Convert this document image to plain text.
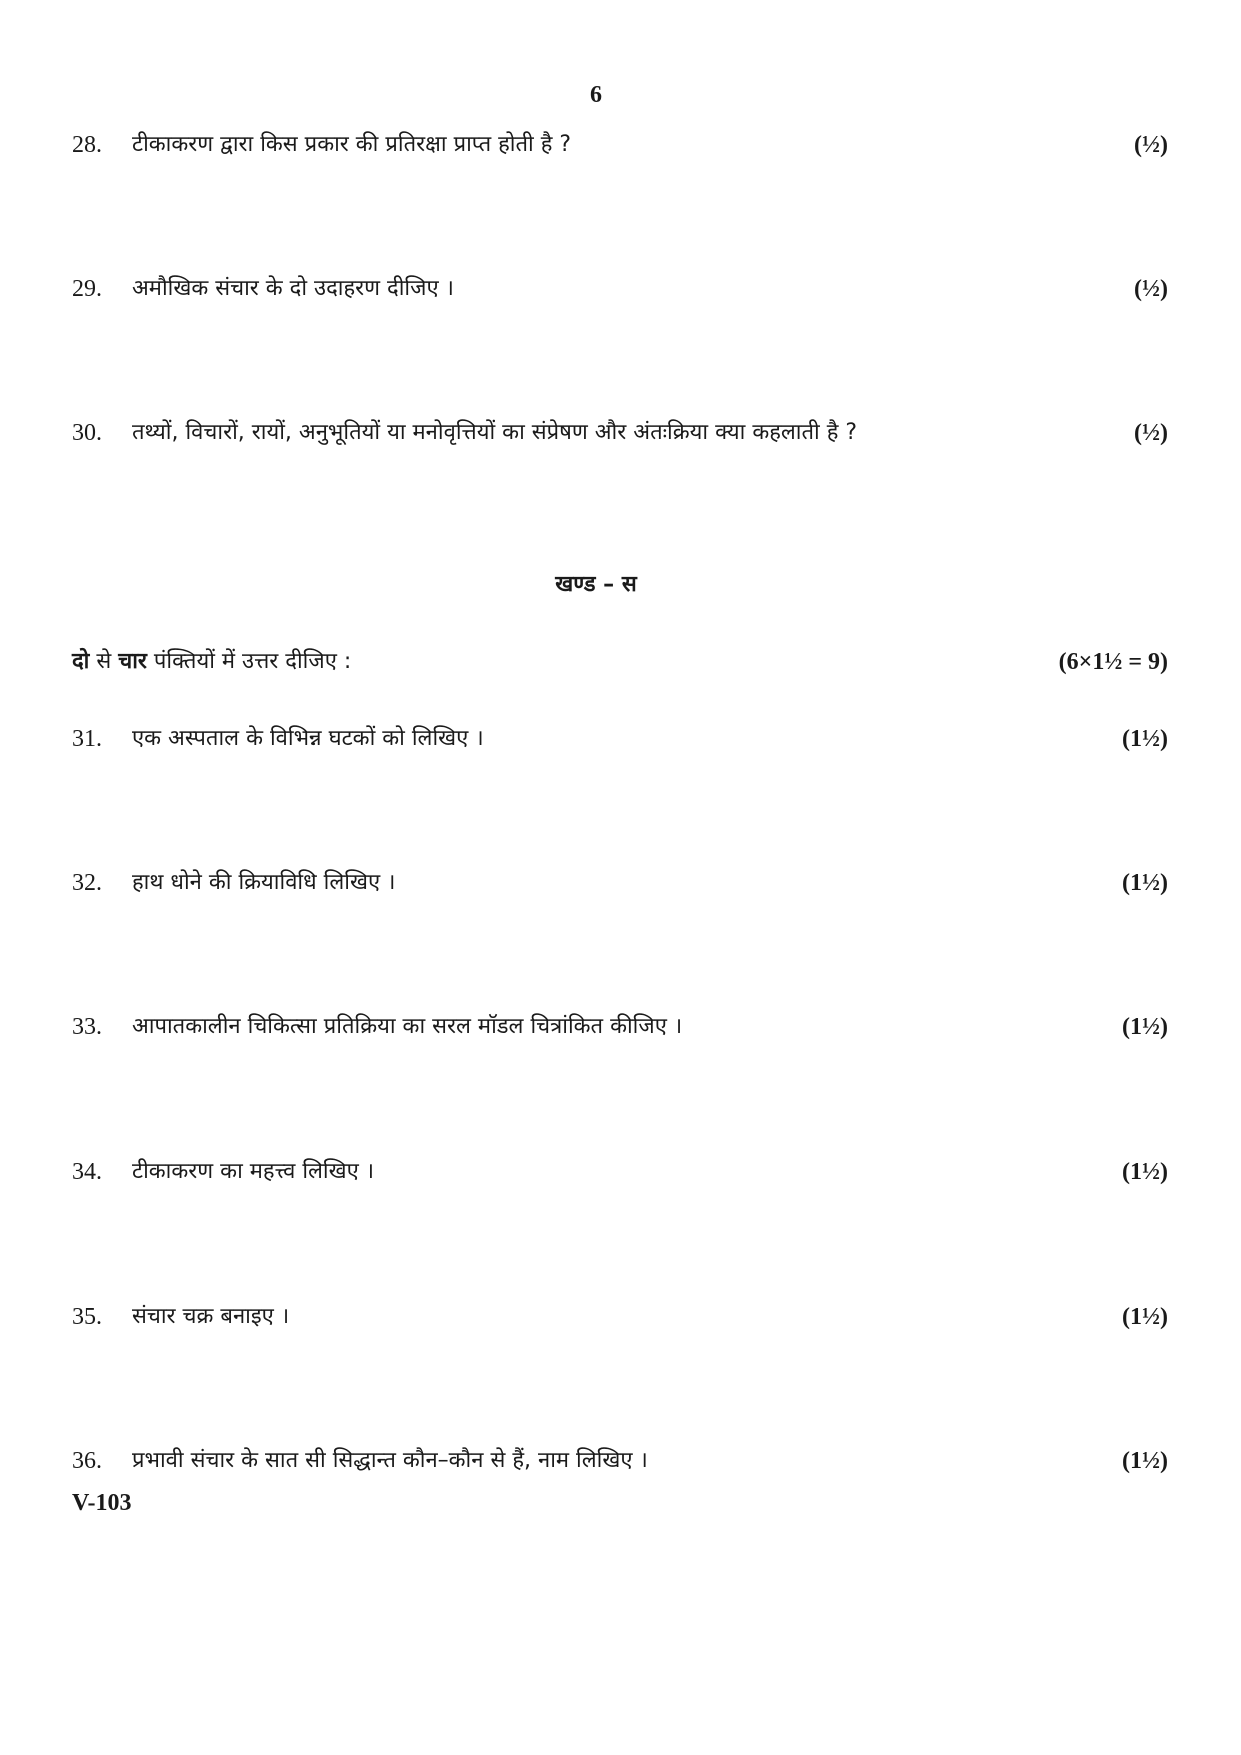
6
28. टीकाकरण द्वारा किस प्रकार की प्रतिरक्षा प्राप्त होती है ?	(½)
29. अमौखिक संचार के दो उदाहरण दीजिए ।	(½)
30. तथ्यों, विचारों, रायों, अनुभूतियों या मनोवृत्तियों का संप्रेषण और अंतःक्रिया क्या कहलाती है ?	(½)
खण्ड – स
दो से चार पंक्तियों में उत्तर दीजिए :	(6×1½ = 9)
31. एक अस्पताल के विभिन्न घटकों को लिखिए ।	(1½)
32. हाथ धोने की क्रियाविधि लिखिए ।	(1½)
33. आपातकालीन चिकित्सा प्रतिक्रिया का सरल मॉडल चित्रांकित कीजिए ।	(1½)
34. टीकाकरण का महत्त्व लिखिए ।	(1½)
35. संचार चक्र बनाइए ।	(1½)
36. प्रभावी संचार के सात सी सिद्धान्त कौन–कौन से हैं, नाम लिखिए ।	(1½)
V-103
